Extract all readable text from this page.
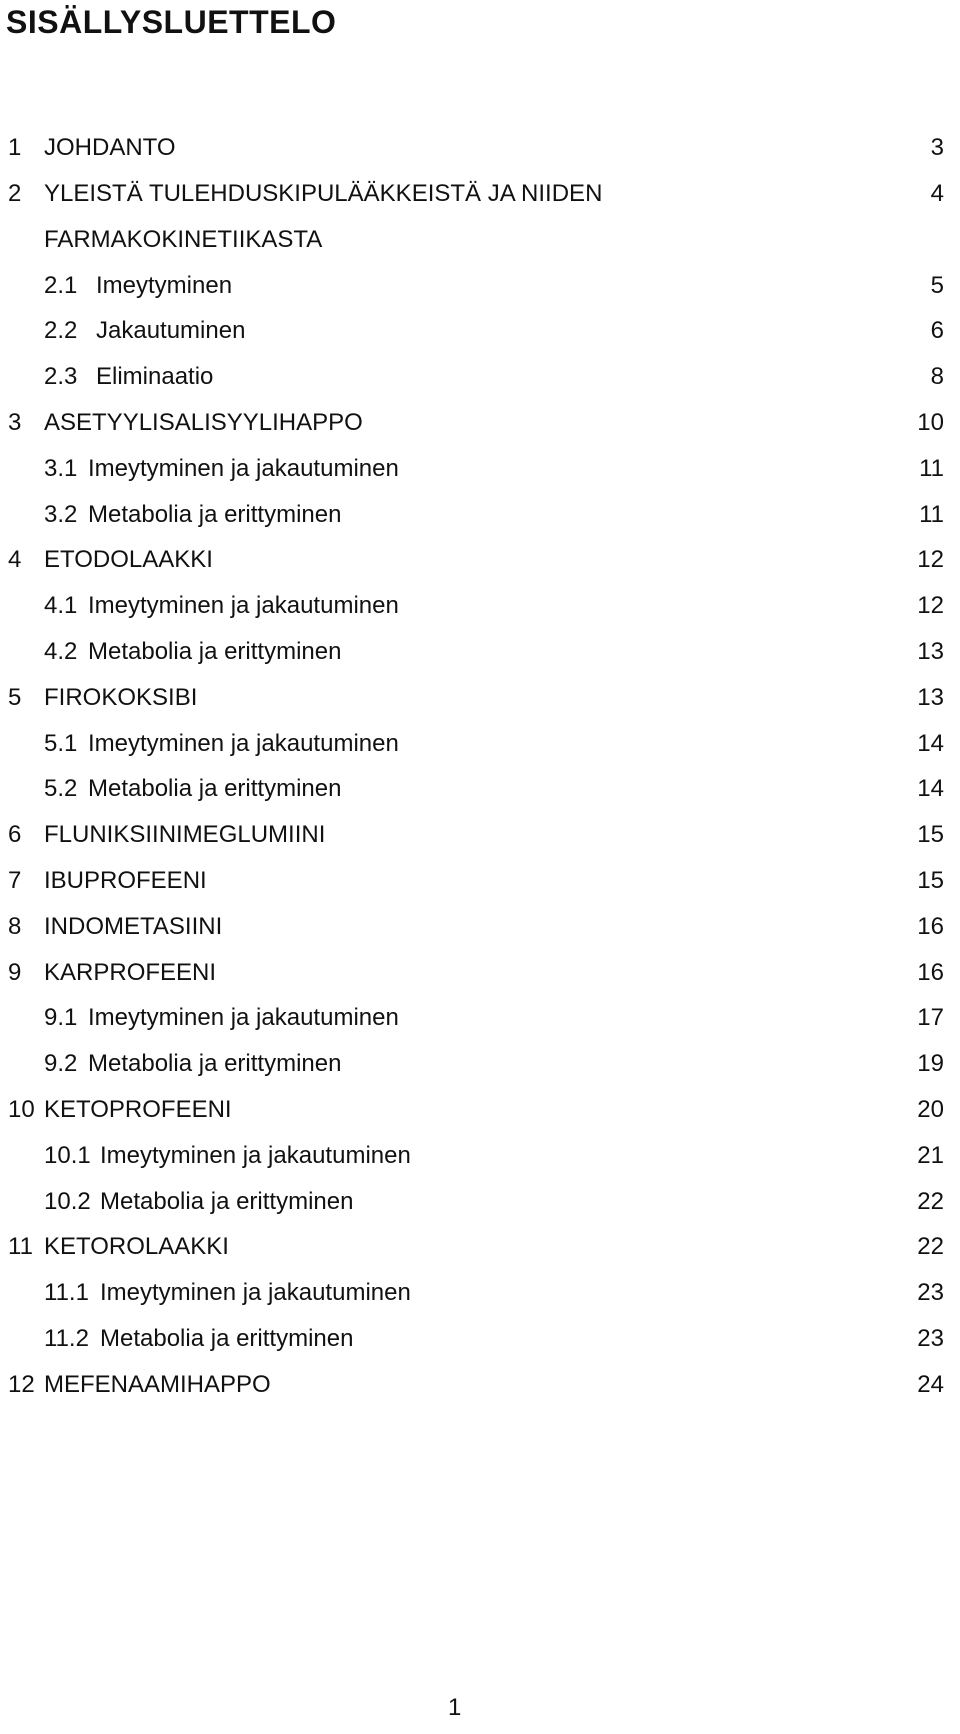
SISÄLLYSLUETTELO
1 JOHDANTO	3
2 YLEISTÄ TULEHDUSKIPULÄÄKKEISTÄ JA NIIDEN	4
FARMAKOKINETIIKASTA
2.1 Imeytyminen	5
2.2 Jakautuminen	6
2.3 Eliminaatio	8
3 ASETYYLISALISYYLIHAPPO	10
3.1 Imeytyminen ja jakautuminen	11
3.2 Metabolia ja erittyminen	11
4 ETODOLAAKKI	12
4.1 Imeytyminen ja jakautuminen	12
4.2 Metabolia ja erittyminen	13
5 FIROKOKSIBI	13
5.1 Imeytyminen ja jakautuminen	14
5.2 Metabolia ja erittyminen	14
6 FLUNIKSIINIMEGLUMIINI	15
7 IBUPROFEENI	15
8 INDOMETASIINI	16
9 KARPROFEENI	16
9.1 Imeytyminen ja jakautuminen	17
9.2 Metabolia ja erittyminen	19
10 KETOPROFEENI	20
10.1 Imeytyminen ja jakautuminen	21
10.2 Metabolia ja erittyminen	22
11 KETOROLAAKKI	22
11.1 Imeytyminen ja jakautuminen	23
11.2 Metabolia ja erittyminen	23
12 MEFENAAMIHAPPO	24
1
